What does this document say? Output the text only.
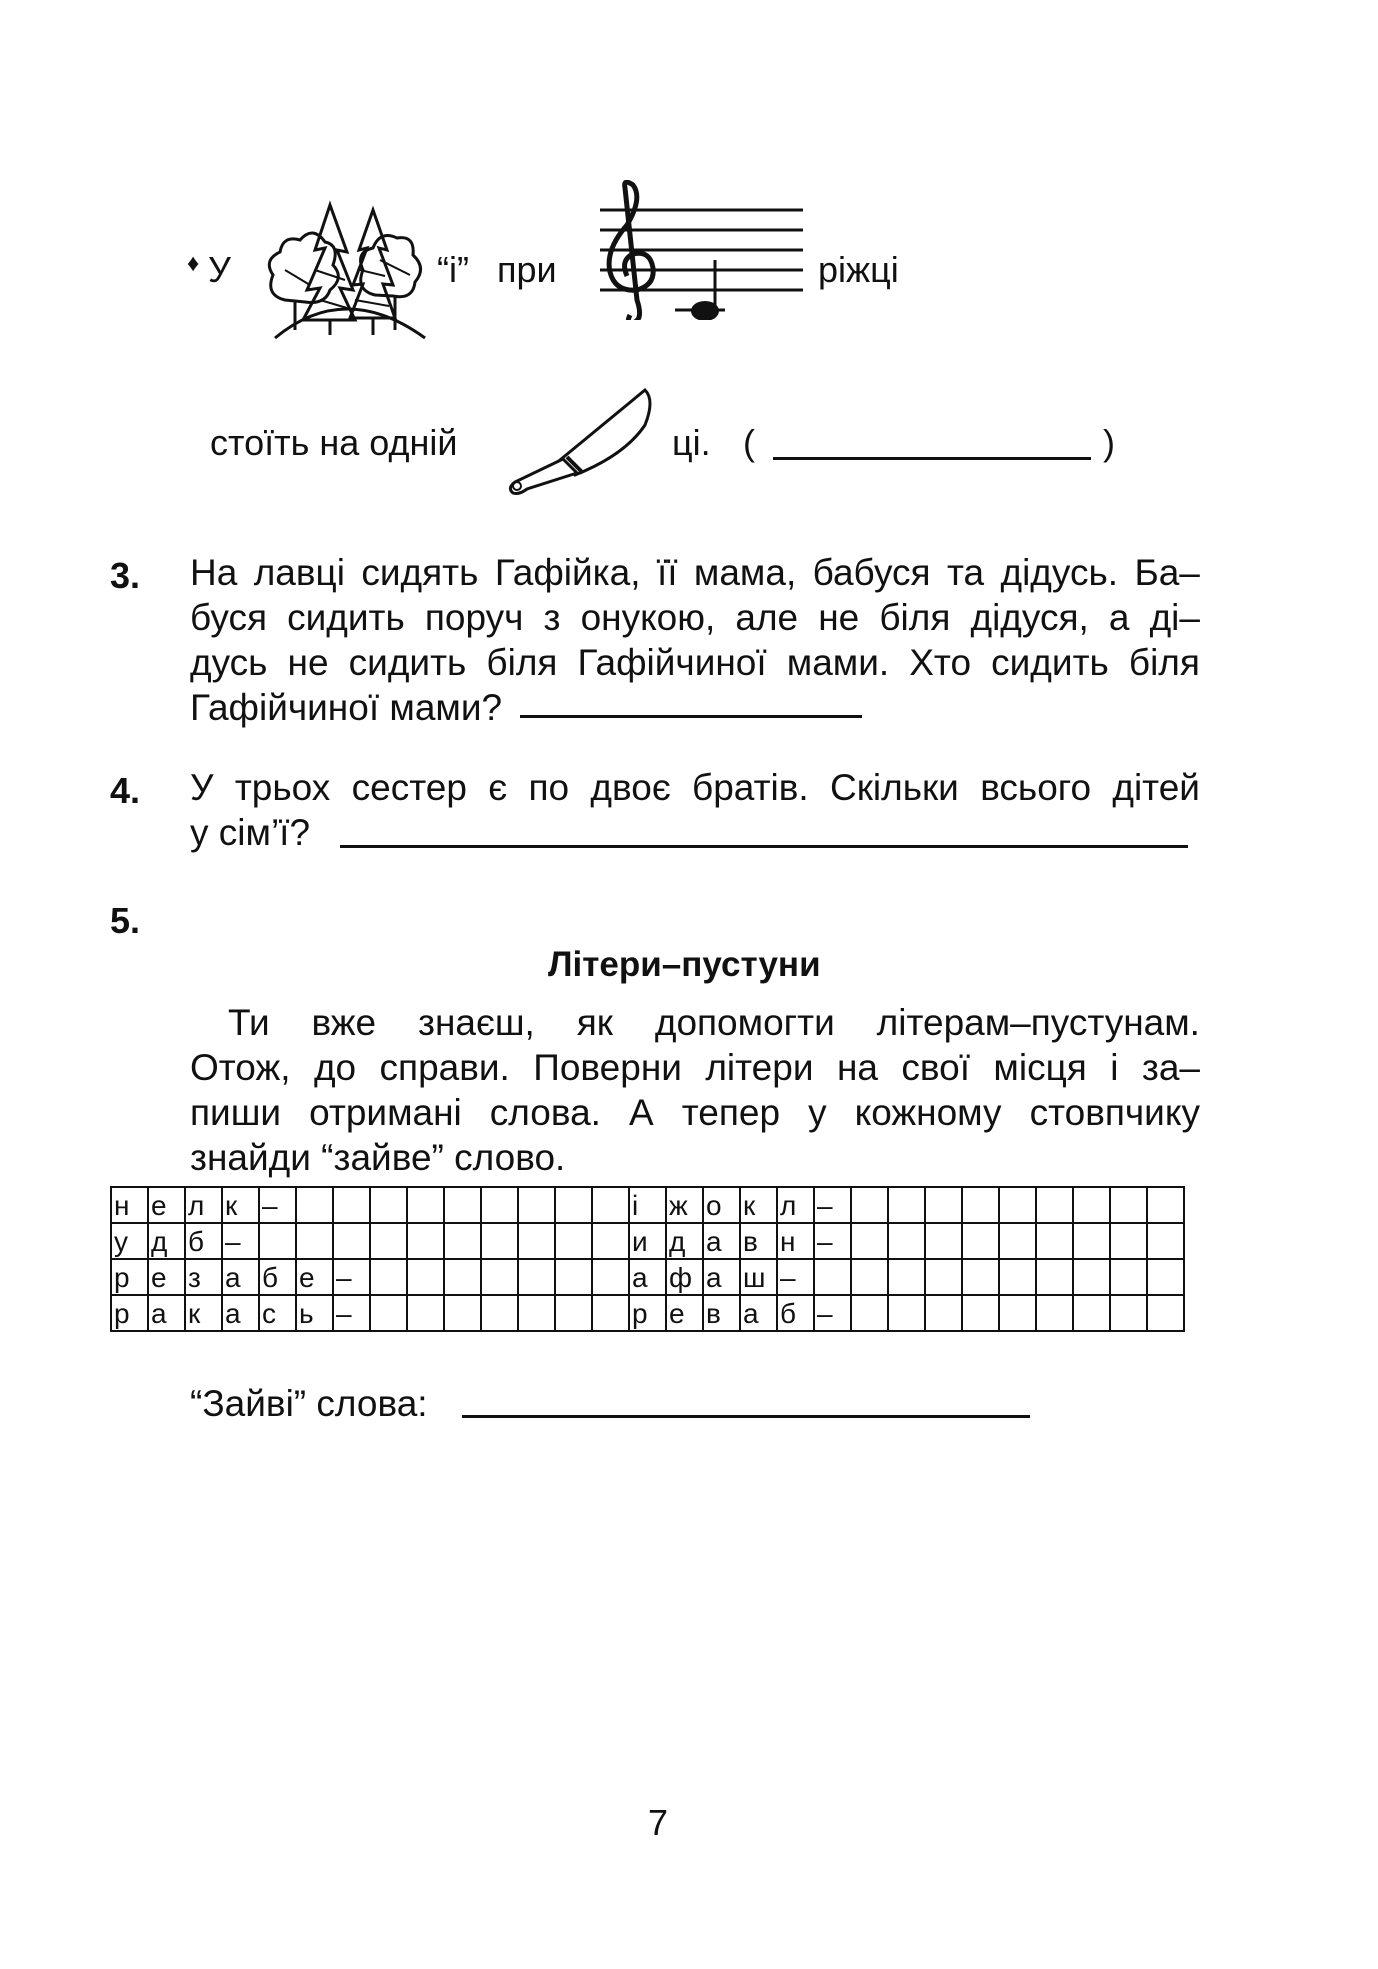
♦ У	“і” при	ріжці
стоїть на одній	ці. (	)
3. На лавці сидять Гафійка, її мама, бабуся та дідусь. Ба–
буся сидить поруч з онукою, але не біля дідуся, а ді–
дусь не сидить біля Гафійчиної мами. Хто сидить біля
Гафійчиної мами?
4. У трьох сестер є по двоє братів. Скільки всього дітей
у сім’ї?
5.
Літери–пустуни
Ти вже знаєш, як допомогти літерам–пустунам.
Отож, до справи. Поверни літери на свої місця і за–
пиши отримані слова. А тепер у кожному стовпчику
знайди “зайве” слово.
н	е	л	к	–										і	ж	о	к	л	–									
у	д	б	–											и	д	а	в	н	–									
р	е	з	а	б	е	–								а	ф	а	ш	–										
р	а	к	а	с	ь	–								р	е	в	а	б	–									
“Зайві” слова:
7
